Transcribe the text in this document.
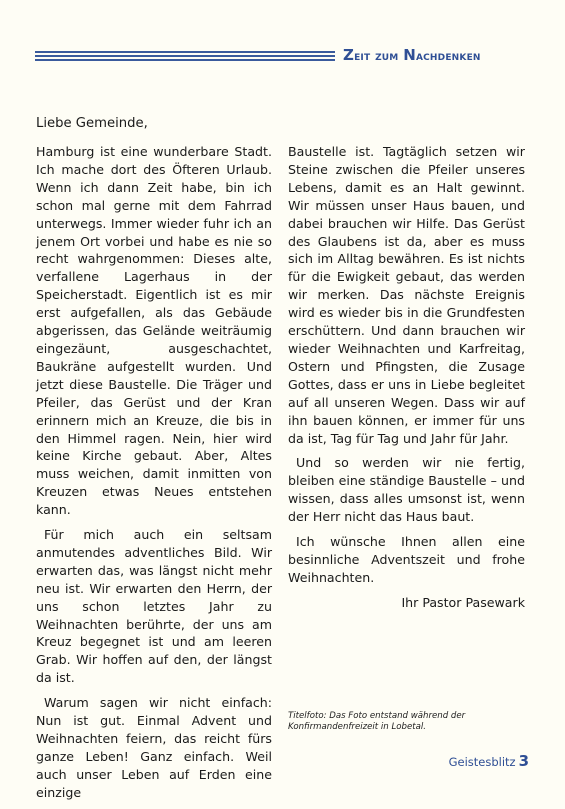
Zeit zum Nachdenken
Liebe Gemeinde,

Hamburg ist eine wunderbare Stadt. Ich mache dort des Öfteren Urlaub. Wenn ich dann Zeit habe, bin ich schon mal gerne mit dem Fahrrad unterwegs. Immer wieder fuhr ich an jenem Ort vorbei und habe es nie so recht wahrgenommen: Dieses alte, verfallene Lagerhaus in der Speicherstadt. Eigentlich ist es mir erst aufgefallen, als das Gebäude abgerissen, das Gelände weiträumig eingezäunt, ausgeschachtet, Baukräne aufgestellt wurden. Und jetzt diese Baustelle. Die Träger und Pfeiler, das Gerüst und der Kran erinnern mich an Kreuze, die bis in den Himmel ragen. Nein, hier wird keine Kirche gebaut. Aber, Altes muss weichen, damit inmitten von Kreuzen etwas Neues entstehen kann.

Für mich auch ein seltsam anmutendes adventliches Bild. Wir erwarten das, was längst nicht mehr neu ist. Wir erwarten den Herrn, der uns schon letztes Jahr zu Weihnachten berührte, der uns am Kreuz begegnet ist und am leeren Grab. Wir hoffen auf den, der längst da ist.

Warum sagen wir nicht einfach: Nun ist gut. Einmal Advent und Weihnachten feiern, das reicht fürs ganze Leben! Ganz einfach. Weil auch unser Leben auf Erden eine einzige

Baustelle ist. Tagtäglich setzen wir Steine zwischen die Pfeiler unseres Lebens, damit es an Halt gewinnt. Wir müssen unser Haus bauen, und dabei brauchen wir Hilfe. Das Gerüst des Glaubens ist da, aber es muss sich im Alltag bewähren. Es ist nichts für die Ewigkeit gebaut, das werden wir merken. Das nächste Ereignis wird es wieder bis in die Grundfesten erschüttern. Und dann brauchen wir wieder Weihnachten und Karfreitag, Ostern und Pfingsten, die Zusage Gottes, dass er uns in Liebe begleitet auf all unseren Wegen. Dass wir auf ihn bauen können, er immer für uns da ist, Tag für Tag und Jahr für Jahr.

Und so werden wir nie fertig, bleiben eine ständige Baustelle – und wissen, dass alles umsonst ist, wenn der Herr nicht das Haus baut.

Ich wünsche Ihnen allen eine besinnliche Adventszeit und frohe Weihnachten.

Ihr Pastor Pasewark

Titelfoto: Das Foto entstand während der Konfirmandenfreizeit in Lobetal.
Geistesblitz 3
